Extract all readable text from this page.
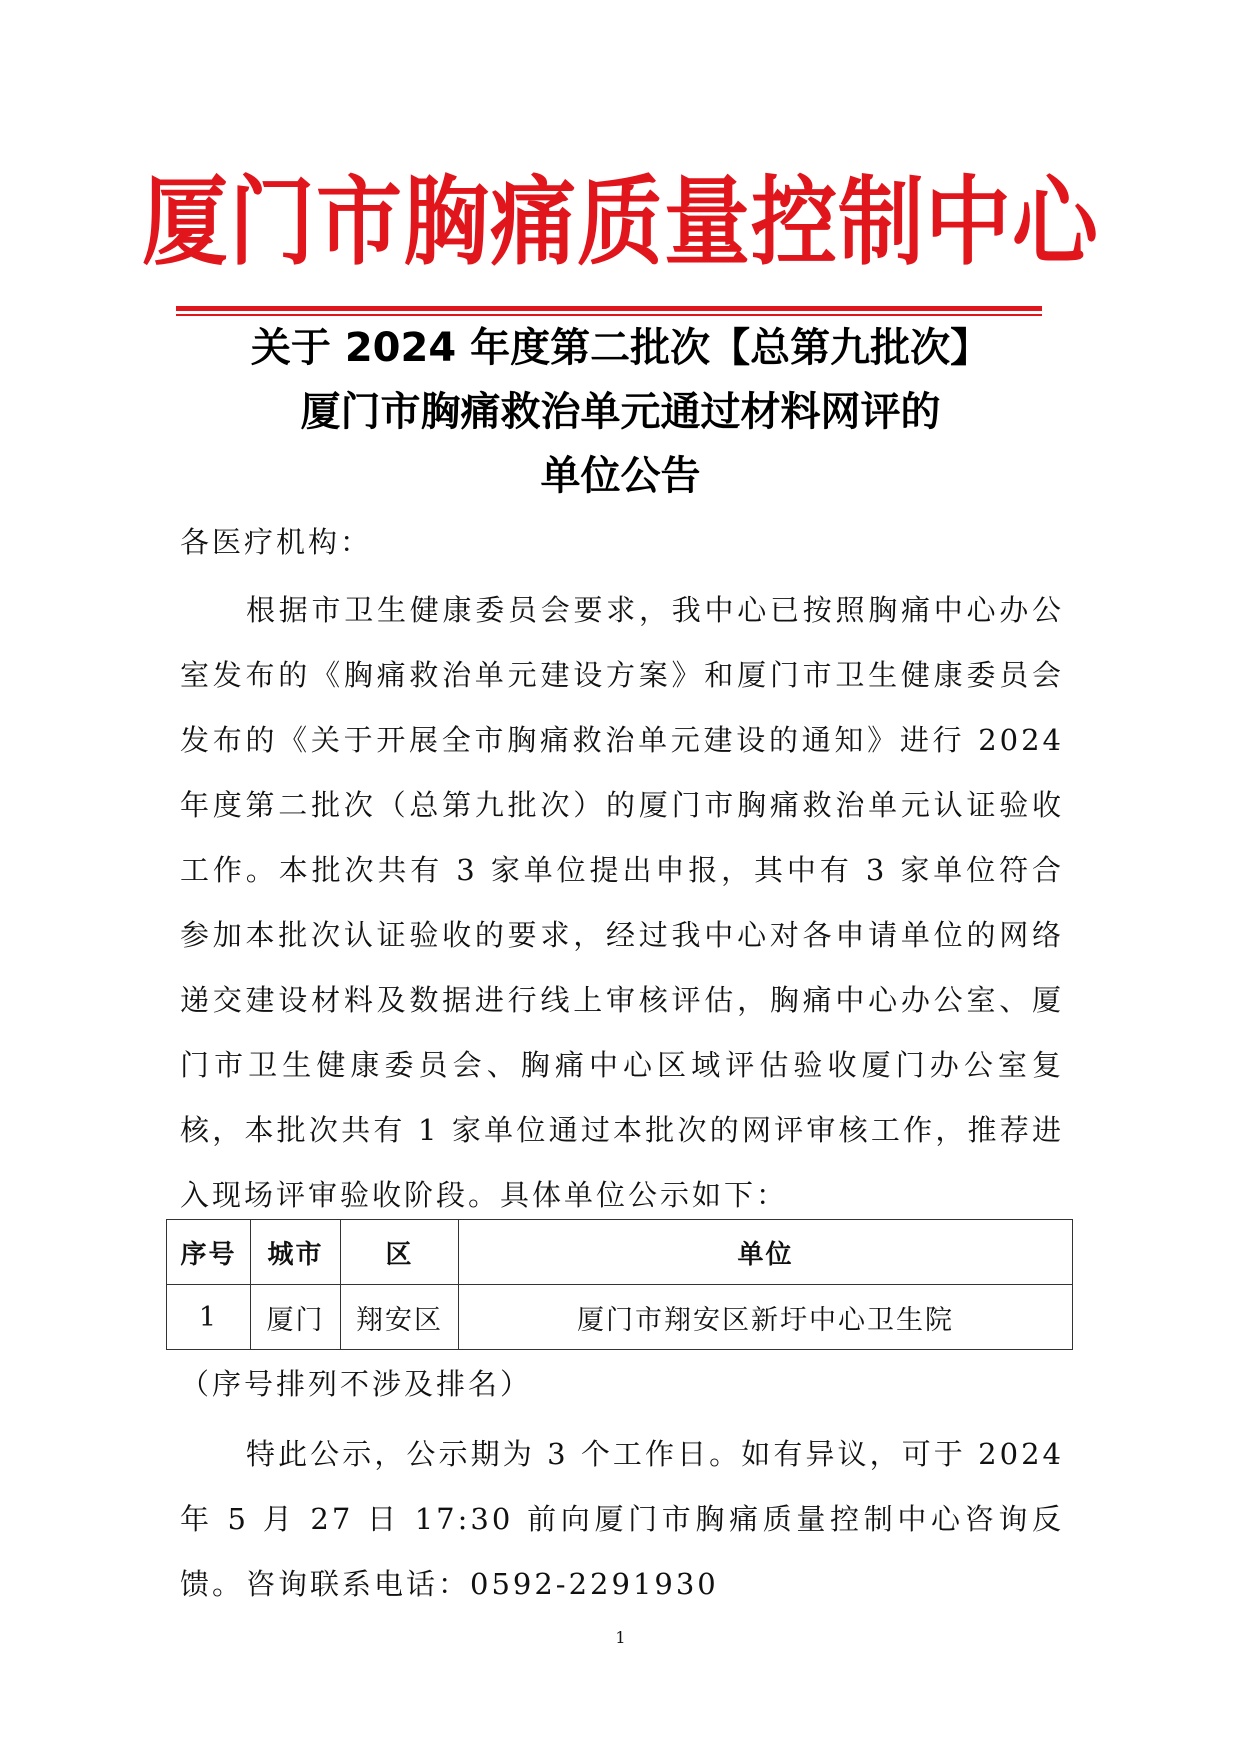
厦门市胸痛质量控制中心
关于 2024 年度第二批次【总第九批次】
厦门市胸痛救治单元通过材料网评的
单位公告
各医疗机构：

根据市卫生健康委员会要求，我中心已按照胸痛中心办公室发布的《胸痛救治单元建设方案》和厦门市卫生健康委员会发布的《关于开展全市胸痛救治单元建设的通知》进行 2024 年度第二批次（总第九批次）的厦门市胸痛救治单元认证验收工作。本批次共有 3 家单位提出申报，其中有 3 家单位符合参加本批次认证验收的要求，经过我中心对各申请单位的网络递交建设材料及数据进行线上审核评估，胸痛中心办公室、厦门市卫生健康委员会、胸痛中心区域评估验收厦门办公室复核，本批次共有 1 家单位通过本批次的网评审核工作，推荐进入现场评审验收阶段。具体单位公示如下：

序号	城市	区	单位
1	厦门	翔安区	厦门市翔安区新圩中心卫生院
（序号排列不涉及排名）

特此公示，公示期为 3 个工作日。如有异议，可于 2024 年 5 月 27 日 17:30 前向厦门市胸痛质量控制中心咨询反馈。 咨询联系电话：0592-2291930

1
